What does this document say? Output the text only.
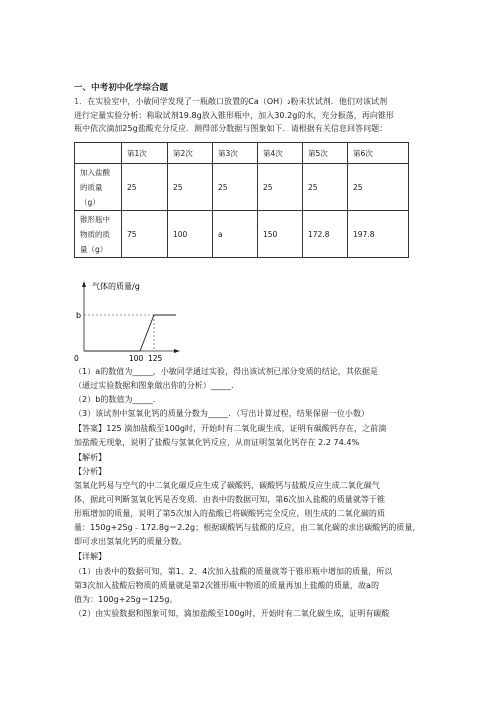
一、中考初中化学综合题
1．在实验室中，小敏同学发现了一瓶敞口放置的Ca（OH）₂粉末状试剂．他们对该试剂
进行定量实验分析：称取试剂19.8g放入锥形瓶中，加入30.2g的水，充分振荡，再向锥形
瓶中依次滴加25g盐酸充分反应．测得部分数据与图象如下．请根据有关信息回答问题：
	第1次	第2次	第3次	第4次	第5次	第6次

加入盐酸
的质量
（g）	25	25	25	25	25	25

锥形瓶中
物质的质
量（g）	75	100	a	150	172.8	197.8
气体的质量/g
b
0	100 125
（1）a的数值为_____，小敏同学通过实验，得出该试剂已部分变质的结论，其依据是
（通过实验数据和图象做出你的分析）_____．
（2）b的数值为_____．
（3）该试剂中氢氧化钙的质量分数为_____．（写出计算过程，结果保留一位小数）
【答案】125 滴加盐酸至100g时，开始时有二氧化碳生成，证明有碳酸钙存在，之前滴
加盐酸无现象，说明了盐酸与氢氧化钙反应，从而证明氢氧化钙存在 2.2 74.4%
【解析】
【分析】
氢氧化钙易与空气的中二氧化碳反应生成了碳酸钙，碳酸钙与盐酸反应生成二氧化碳气
体，据此可判断氢氧化钙是否变质．由表中的数据可知，第6次加入盐酸的质量就等于锥
形瓶增加的质量，说明了第5次加入的盐酸已将碳酸钙完全反应，则生成的二氧化碳的质
量：150g+25g﹣172.8g＝2.2g；根据碳酸钙与盐酸的反应，由二氧化碳的求出碳酸钙的质量，
即可求出氢氧化钙的质量分数。
【详解】
（1）由表中的数据可知，第1、2、4次加入盐酸的质量就等于锥形瓶中增加的质量，所以
第3次加入盐酸后物质的质量就是第2次锥形瓶中物质的质量再加上盐酸的质量，故a的
值为：100g+25g＝125g。
（2）由实验数据和图象可知，滴加盐酸至100g时，开始时有二氧化碳生成，证明有碳酸
